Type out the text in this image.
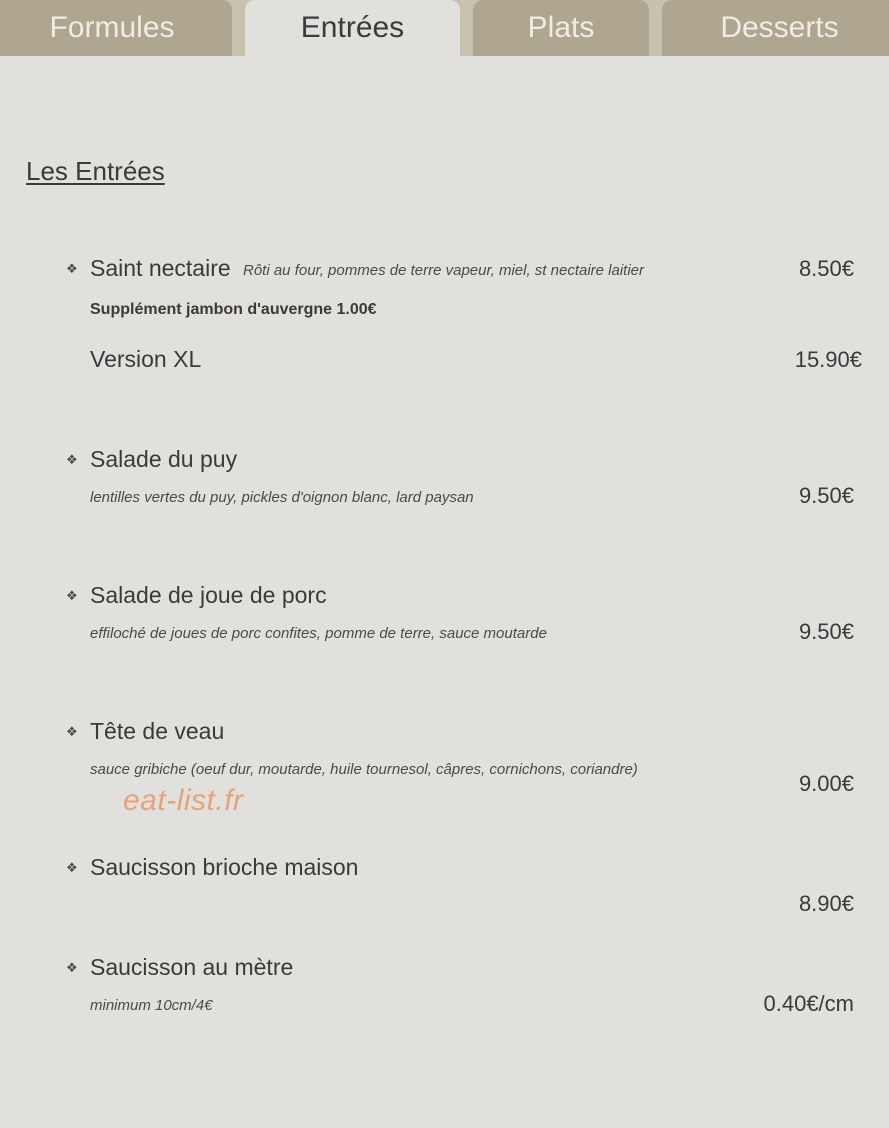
Formules	Entrées	Plats	Desserts
Les Entrées
❖ Saint nectaire Rôti au four, pommes de terre vapeur, miel, st nectaire laitier	8.50€
Supplément jambon d'auvergne 1.00€
Version XL	15.90€
❖ Salade du puy
lentilles vertes du puy, pickles d'oignon blanc, lard paysan	9.50€
❖ Salade de joue de porc
effiloché de joues de porc confites, pomme de terre, sauce moutarde	9.50€
❖ Tête de veau
sauce gribiche (oeuf dur, moutarde, huile tournesol, câpres, cornichons, coriandre)
9.00€
eat-list.fr
❖ Saucisson brioche maison
8.90€
❖ Saucisson au mètre
minimum 10cm/4€	0.40€/cm
